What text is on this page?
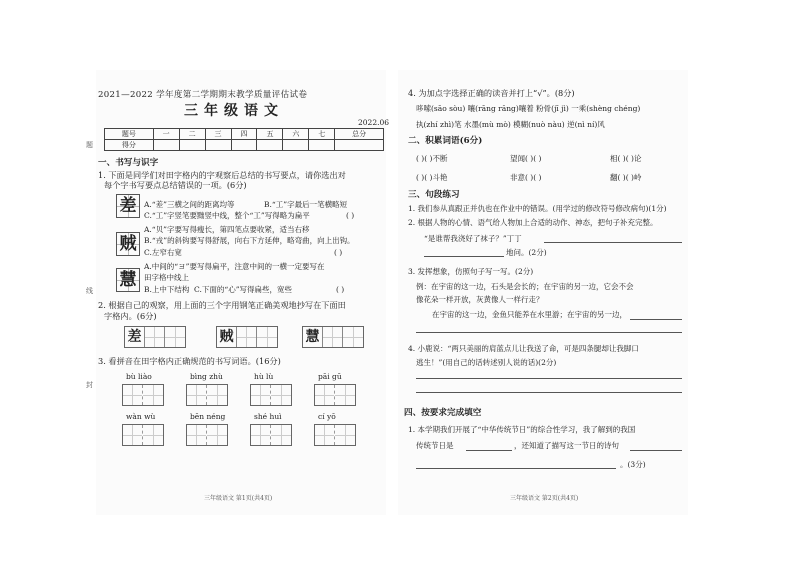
2021—2022 学年度第二学期期末教学质量评估试卷
三年级语文
2022.06
题号	一	二	三	四	五	六	七	总分
得分								
一、书写与识字
1. 下面是同学们对田字格内的字观察后总结的书写要点，请你选出对
每个字书写要点总结错误的一项。(6分)
差	A.“差”三横之间的距离均等	B.“工”字最后一笔横略短
C.“工”字竖笔要黜竖中线，整个“工”写得略为扁平	( )
贼
A.“贝”字要写得瘦长，第四笔点要收紧，适当右移
B.“戎”的斜钩要写得舒展，向右下方延伸，略弯曲，向上出钩。
C.左窄右宽	( )
慧
A.中间的“ヨ”要写得扁平，注意中间的一横一定要写在
田字格中线上
B.上中下结构 C.下面的“心”写得扁些，宽些	( )
2. 根据自己的观察，用上面的三个字用钢笔正确美观地抄写在下面田
字格内。(6分)
差	贼	慧
3. 看拼音在田字格内正确规范的书写词语。(16分)
bù liào	bìng zhù	hù lù	pāi gū
wàn wù	bēn néng	shé huì	cí yō
三年级语文 第1页(共4页)
题
线
封
4. 为加点字选择正确的读音并打上“√”。(8分)
哆嗦(sāo sòu) 嚷(rāng răng)嚷着 粉骨(jī jì) 一乘(shèng chéng)
执(zhí zhì)笔 水墨(mù mò) 模糊(nuò nàu) 逆(nì ní)风
二、积累词语(6分)
( )( )不断	望闻( )( )	相( )( )论
( )( )斗艳	非意( )( )	翻( )( )岭
三、句段练习
1. 我们参从真跟正并仇也在作业中的错误。(用学过的修改符号修改病句)(1分)
2. 根据人物的心情、语气给人物加上合适的动作、神态，把句子补充完整。
“是谁帮我浇好了袜子？”丁丁
地问。(2分)
3. 发挥想象，仿照句子写一写。(2分)
例：在宇宙的这一边，石头是会长的；在宇宙的另一边，它会不会
像花朵一样开放，灰黄像人一样行走？
在宇宙的这一边，金鱼只能养在水里游；在宇宙的另一边，
4. 小鹿说：“两只美丽的肩蓝点儿让我送了命，可是四条腿却让我脚口
逃生！”(用自己的话转述别人说的话)(2分)
四、按要求完成填空
1. 本学期我们开展了“中华传统节日”的综合性学习，我了解到的我国
传统节日是	，还知道了描写这一节日的诗句
。(3分)
三年级语文 第2页(共4页)
